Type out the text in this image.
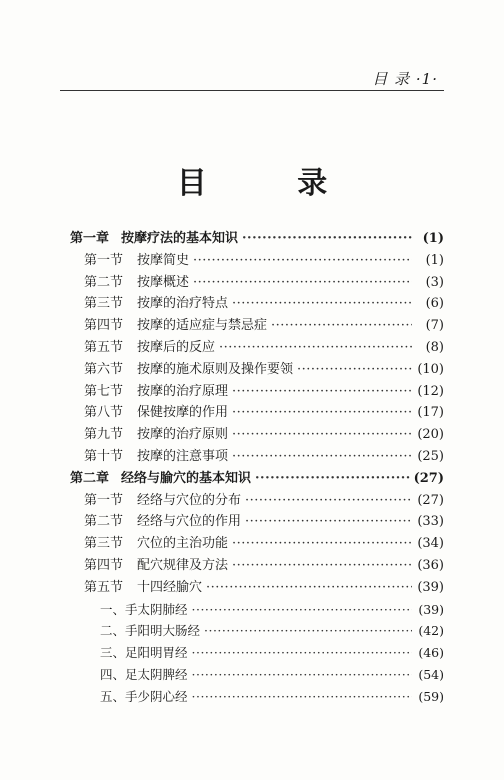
目 录 ·1·
目 录
第一章 按摩疗法的基本知识 ·····	(1)
第一节 按摩简史 ·····	(1)
第二节 按摩概述 ·····	(3)
第三节 按摩的治疗特点 ·····	(6)
第四节 按摩的适应症与禁忌症 ·····	(7)
第五节 按摩后的反应 ·····	(8)
第六节 按摩的施术原则及操作要领 ·····	(10)
第七节 按摩的治疗原理 ·····	(12)
第八节 保健按摩的作用 ·····	(17)
第九节 按摩的治疗原则 ·····	(20)
第十节 按摩的注意事项 ·····	(25)
第二章 经络与腧穴的基本知识 ·····	(27)
第一节 经络与穴位的分布 ·····	(27)
第二节 经络与穴位的作用 ·····	(33)
第三节 穴位的主治功能 ·····	(34)
第四节 配穴规律及方法 ·····	(36)
第五节 十四经腧穴 ·····	(39)
一、手太阴肺经 ·····	(39)
二、手阳明大肠经 ·····	(42)
三、足阳明胃经 ·····	(46)
四、足太阴脾经 ·····	(54)
五、手少阴心经 ·····	(59)
